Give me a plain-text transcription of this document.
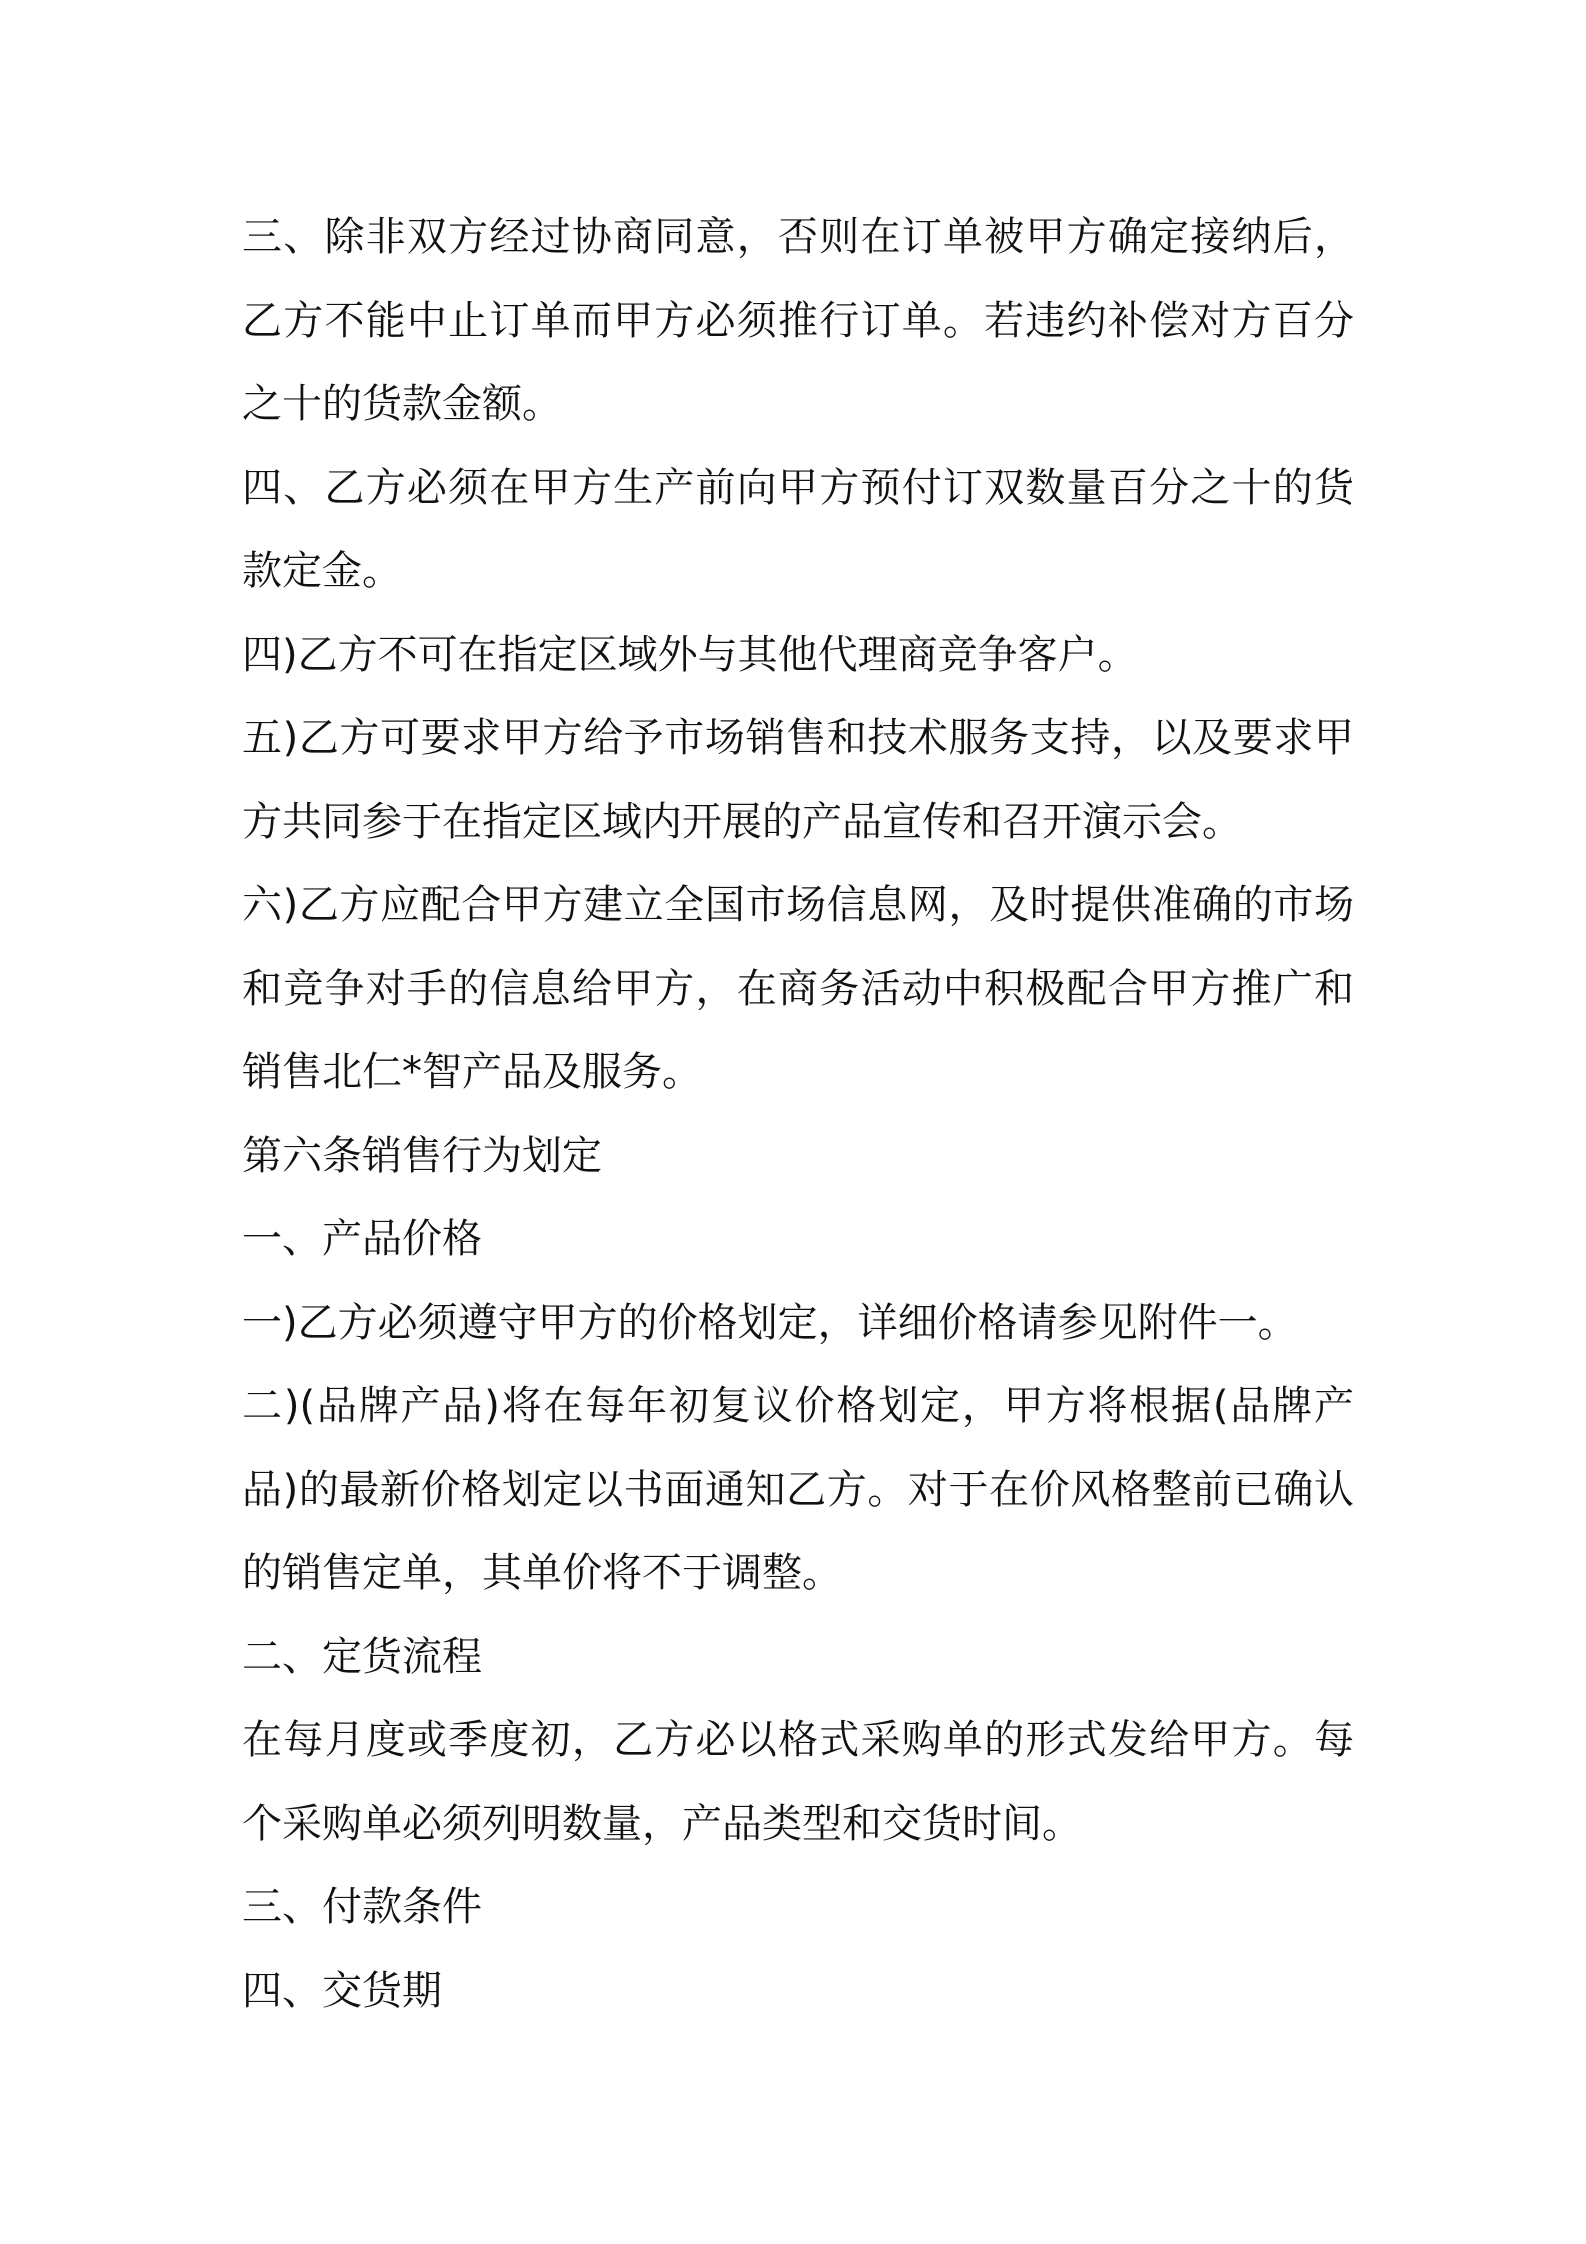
三、除非双方经过协商同意，否则在订单被甲方确定接纳后，乙方不能中止订单而甲方必须推行订单。若违约补偿对方百分之十的货款金额。

四、乙方必须在甲方生产前向甲方预付订双数量百分之十的货款定金。

四)乙方不可在指定区域外与其他代理商竞争客户。

五)乙方可要求甲方给予市场销售和技术服务支持，以及要求甲方共同参于在指定区域内开展的产品宣传和召开演示会。

六)乙方应配合甲方建立全国市场信息网，及时提供准确的市场和竞争对手的信息给甲方，在商务活动中积极配合甲方推广和销售北仁*智产品及服务。

第六条销售行为划定

一、产品价格

一)乙方必须遵守甲方的价格划定，详细价格请参见附件一。

二)(品牌产品)将在每年初复议价格划定，甲方将根据(品牌产品)的最新价格划定以书面通知乙方。对于在价风格整前已确认的销售定单，其单价将不于调整。

二、定货流程

在每月度或季度初，乙方必以格式采购单的形式发给甲方。每个采购单必须列明数量，产品类型和交货时间。

三、付款条件

四、交货期
